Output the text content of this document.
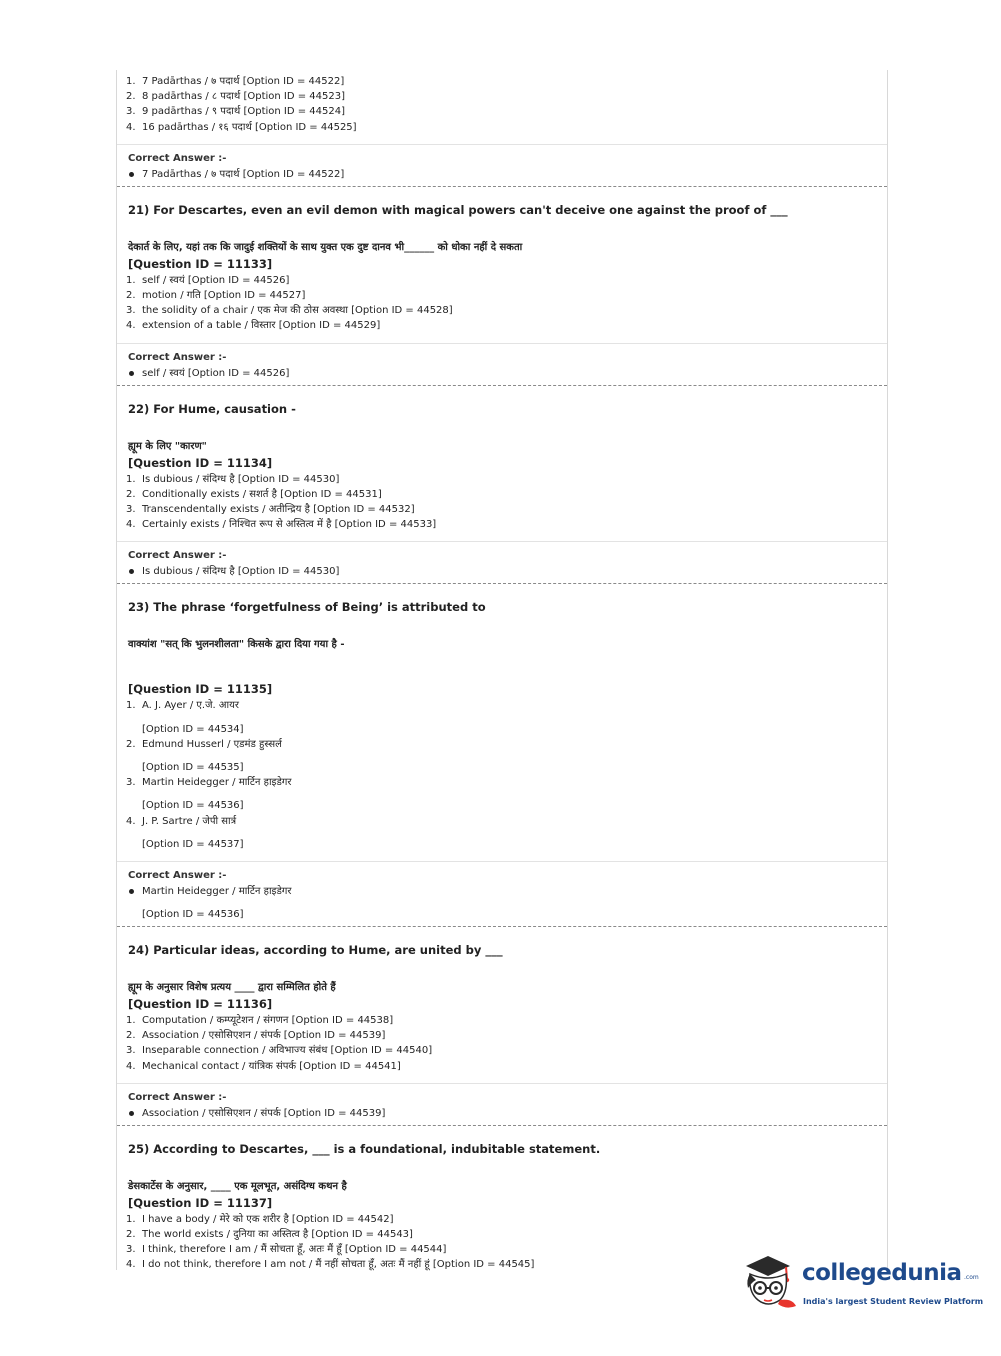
1. 7 Padārthas / ७ पदार्थ [Option ID = 44522]
2. 8 padārthas / ८ पदार्थ [Option ID = 44523]
3. 9 padārthas / ९ पदार्थ [Option ID = 44524]
4. 16 padārthas / १६ पदार्थ [Option ID = 44525]
Correct Answer :-
7 Padārthas / ७ पदार्थ [Option ID = 44522]
21) For Descartes, even an evil demon with magical powers can't deceive one against the proof of ___
देकार्त के लिए, यहां तक कि जादुई शक्तियों के साथ युक्त एक दुष्ट दानव भी______ को धोका नहीं दे सकता
[Question ID = 11133]
1. self / स्वयं [Option ID = 44526]
2. motion / गति [Option ID = 44527]
3. the solidity of a chair / एक मेज की ठोस अवस्था [Option ID = 44528]
4. extension of a table / विस्तार [Option ID = 44529]
Correct Answer :-
self / स्वयं [Option ID = 44526]
22) For Hume, causation -
ह्यूम के लिए "कारण"
[Question ID = 11134]
1. Is dubious / संदिग्ध है [Option ID = 44530]
2. Conditionally exists / सशर्त है [Option ID = 44531]
3. Transcendentally exists / अतीन्द्रिय है [Option ID = 44532]
4. Certainly exists / निश्चित रूप से अस्तित्व में है [Option ID = 44533]
Correct Answer :-
Is dubious / संदिग्ध है [Option ID = 44530]
23) The phrase ‘forgetfulness of Being’ is attributed to
वाक्यांश "सत् कि भुलनशीलता" किसके द्वारा दिया गया है -
[Question ID = 11135]
1. A. J. Ayer / ए.जे. आयर
[Option ID = 44534]
2. Edmund Husserl / एडमंड हुस्सर्ल
[Option ID = 44535]
3. Martin Heidegger / मार्टिन हाइडेगर
[Option ID = 44536]
4. J. P. Sartre / जेपी सार्त्र
[Option ID = 44537]
Correct Answer :-
Martin Heidegger / मार्टिन हाइडेगर
[Option ID = 44536]
24) Particular ideas, according to Hume, are united by ___
ह्यूम के अनुसार विशेष प्रत्यय ____ द्वारा सम्मिलित होते हैं
[Question ID = 11136]
1. Computation / कम्प्यूटेशन / संगणन [Option ID = 44538]
2. Association / एसोसिएशन / संपर्क [Option ID = 44539]
3. Inseparable connection / अविभाज्य संबंध [Option ID = 44540]
4. Mechanical contact / यांत्रिक संपर्क [Option ID = 44541]
Correct Answer :-
Association / एसोसिएशन / संपर्क [Option ID = 44539]
25) According to Descartes, ___ is a foundational, indubitable statement.
डेसकार्टेस के अनुसार, ____ एक मूलभूत, असंदिग्ध कथन है
[Question ID = 11137]
1. I have a body / मेरे को एक शरीर है [Option ID = 44542]
2. The world exists / दुनिया का अस्तित्व है [Option ID = 44543]
3. I think, therefore I am / मैं सोचता हूँ, अतः मैं हूँ [Option ID = 44544]
4. I do not think, therefore I am not / मैं नहीं सोचता हूँ, अतः मैं नहीं हूं [Option ID = 44545]	collegedunia .com
India's largest Student Review Platform
